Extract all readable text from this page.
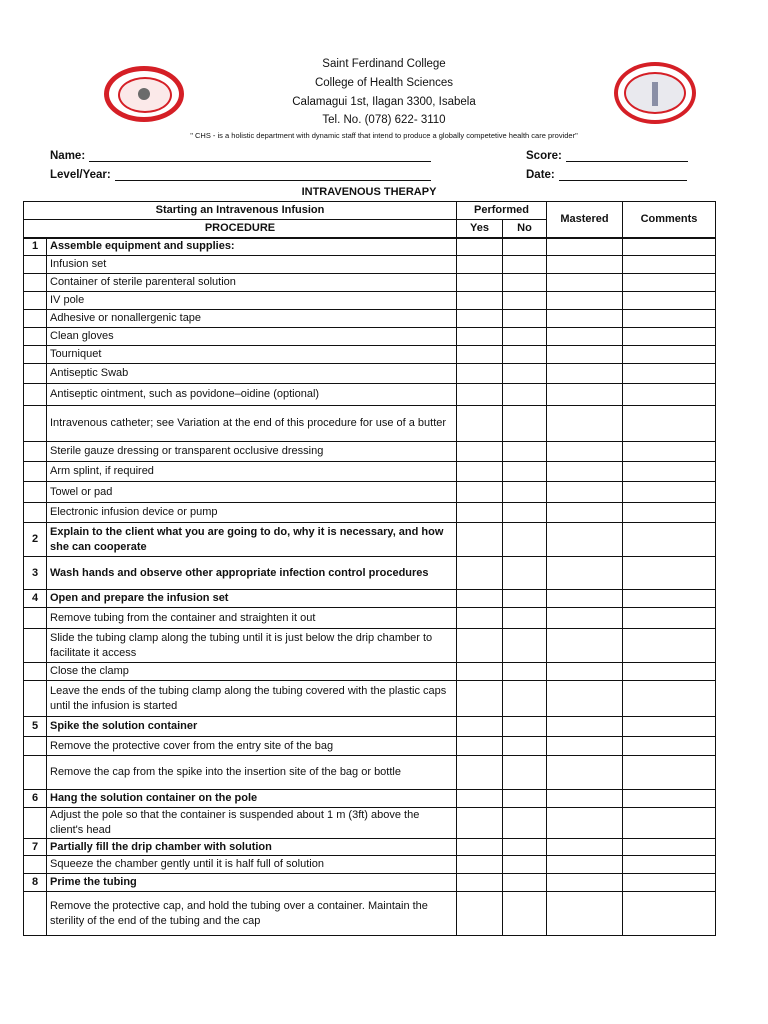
Saint Ferdinand College
College of Health Sciences
Calamagui 1st, Ilagan 3300, Isabela
Tel. No. (078) 622- 3110
" CHS - is a holistic department with dynamic staff that intend to produce a globally competetive health care provider"
Name:	Score:
Level/Year:	Date:
INTRAVENOUS THERAPY
Starting an Intravenous Infusion		Performed		Mastered	Comments
PROCEDURE		Yes	No		
1	Assemble equipment and supplies:				
	Infusion set				
	Container of sterile parenteral solution				
	IV pole				
	Adhesive or nonallergenic tape				
	Clean gloves				
	Tourniquet				
	Antiseptic Swab				
	Antiseptic ointment, such as povidone–oidine (optional)				
	Intravenous catheter; see Variation at the end of this procedure for use of a butter				
	Sterile gauze dressing or transparent occlusive dressing				
	Arm splint, if required				
	Towel or pad				
	Electronic infusion device or pump				
2	Explain to the client what you are going to do, why it is necessary, and how she can cooperate				
3	Wash hands and observe other appropriate infection control procedures				
4	Open and prepare the infusion set				
	Remove tubing from the container and straighten it out				
	Slide the tubing clamp along the tubing until it is just below the drip chamber to facilitate it access				
	Close the clamp				
	Leave the ends of the tubing clamp along the tubing covered with the plastic caps until the infusion is started				
5	Spike the solution container				
	Remove the protective cover from the entry site of the bag				
	Remove the cap from the spike into the insertion site of the bag or bottle				
6	Hang the solution container on the pole				
	Adjust the pole so that the container is suspended about 1 m (3ft) above the client's head				
7	Partially fill the drip chamber with solution				
	Squeeze the chamber gently until it is half full of solution				
8	Prime the tubing				
	Remove the protective cap, and hold the tubing over a container. Maintain the sterility of the end of the tubing and the cap				
